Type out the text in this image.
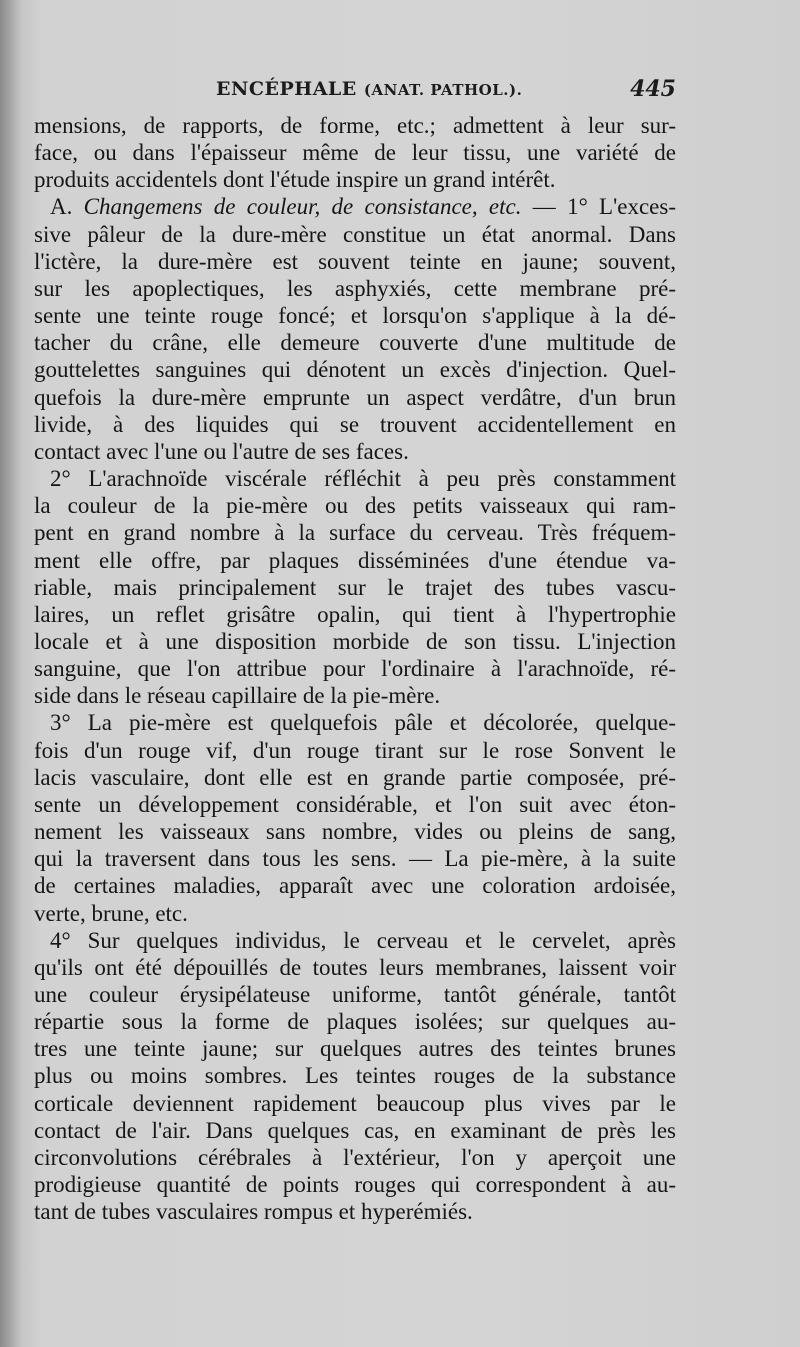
ENCÉPHALE (ANAT. PATHOL.).	445
mensions, de rapports, de forme, etc.; admettent à leur sur-
face, ou dans l'épaisseur même de leur tissu, une variété de
produits accidentels dont l'étude inspire un grand intérêt.
A. Changemens de couleur, de consistance, etc. — 1° L'exces-
sive pâleur de la dure-mère constitue un état anormal. Dans
l'ictère, la dure-mère est souvent teinte en jaune; souvent,
sur les apoplectiques, les asphyxiés, cette membrane pré-
sente une teinte rouge foncé; et lorsqu'on s'applique à la dé-
tacher du crâne, elle demeure couverte d'une multitude de
gouttelettes sanguines qui dénotent un excès d'injection. Quel-
quefois la dure-mère emprunte un aspect verdâtre, d'un brun
livide, à des liquides qui se trouvent accidentellement en
contact avec l'une ou l'autre de ses faces.
2° L'arachnoïde viscérale réfléchit à peu près constamment
la couleur de la pie-mère ou des petits vaisseaux qui ram-
pent en grand nombre à la surface du cerveau. Très fréquem-
ment elle offre, par plaques disséminées d'une étendue va-
riable, mais principalement sur le trajet des tubes vascu-
laires, un reflet grisâtre opalin, qui tient à l'hypertrophie
locale et à une disposition morbide de son tissu. L'injection
sanguine, que l'on attribue pour l'ordinaire à l'arachnoïde, ré-
side dans le réseau capillaire de la pie-mère.
3° La pie-mère est quelquefois pâle et décolorée, quelque-
fois d'un rouge vif, d'un rouge tirant sur le rose Sonvent le
lacis vasculaire, dont elle est en grande partie composée, pré-
sente un développement considérable, et l'on suit avec éton-
nement les vaisseaux sans nombre, vides ou pleins de sang,
qui la traversent dans tous les sens. — La pie-mère, à la suite
de certaines maladies, apparaît avec une coloration ardoisée,
verte, brune, etc.
4° Sur quelques individus, le cerveau et le cervelet, après
qu'ils ont été dépouillés de toutes leurs membranes, laissent voir
une couleur érysipélateuse uniforme, tantôt générale, tantôt
répartie sous la forme de plaques isolées; sur quelques au-
tres une teinte jaune; sur quelques autres des teintes brunes
plus ou moins sombres. Les teintes rouges de la substance
corticale deviennent rapidement beaucoup plus vives par le
contact de l'air. Dans quelques cas, en examinant de près les
circonvolutions cérébrales à l'extérieur, l'on y aperçoit une
prodigieuse quantité de points rouges qui correspondent à au-
tant de tubes vasculaires rompus et hyperémiés.
